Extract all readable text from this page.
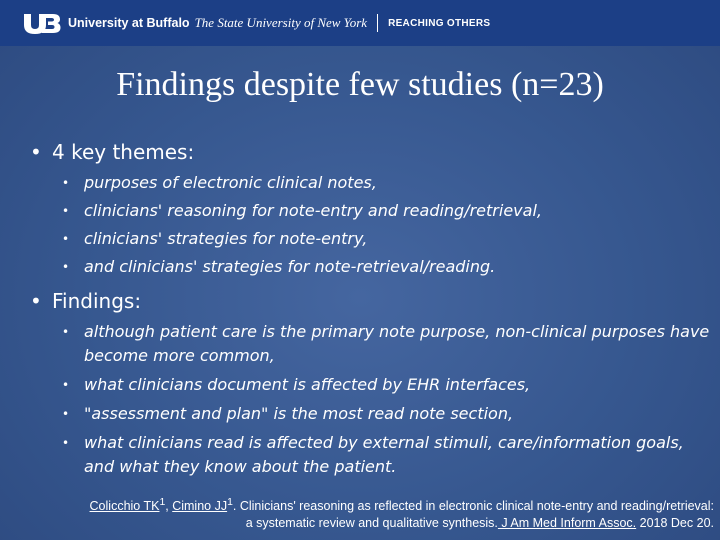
University at Buffalo The State University of New York REACHING OTHERS
Findings despite few studies (n=23)
• 4 key themes:
• purposes of electronic clinical notes,
• clinicians' reasoning for note-entry and reading/retrieval,
• clinicians' strategies for note-entry,
• and clinicians' strategies for note-retrieval/reading.
• Findings:
• although patient care is the primary note purpose, non-clinical purposes have become more common,
• what clinicians document is affected by EHR interfaces,
• "assessment and plan" is the most read note section,
• what clinicians read is affected by external stimuli, care/information goals, and what they know about the patient.
Colicchio $TK^1$, Cimino $JJ^1$. Clinicians' reasoning as reflected in electronic clinical note-entry and reading/retrieval:
a systematic review and qualitative synthesis. J Am Med Inform Assoc. 2018 Dec 20.
